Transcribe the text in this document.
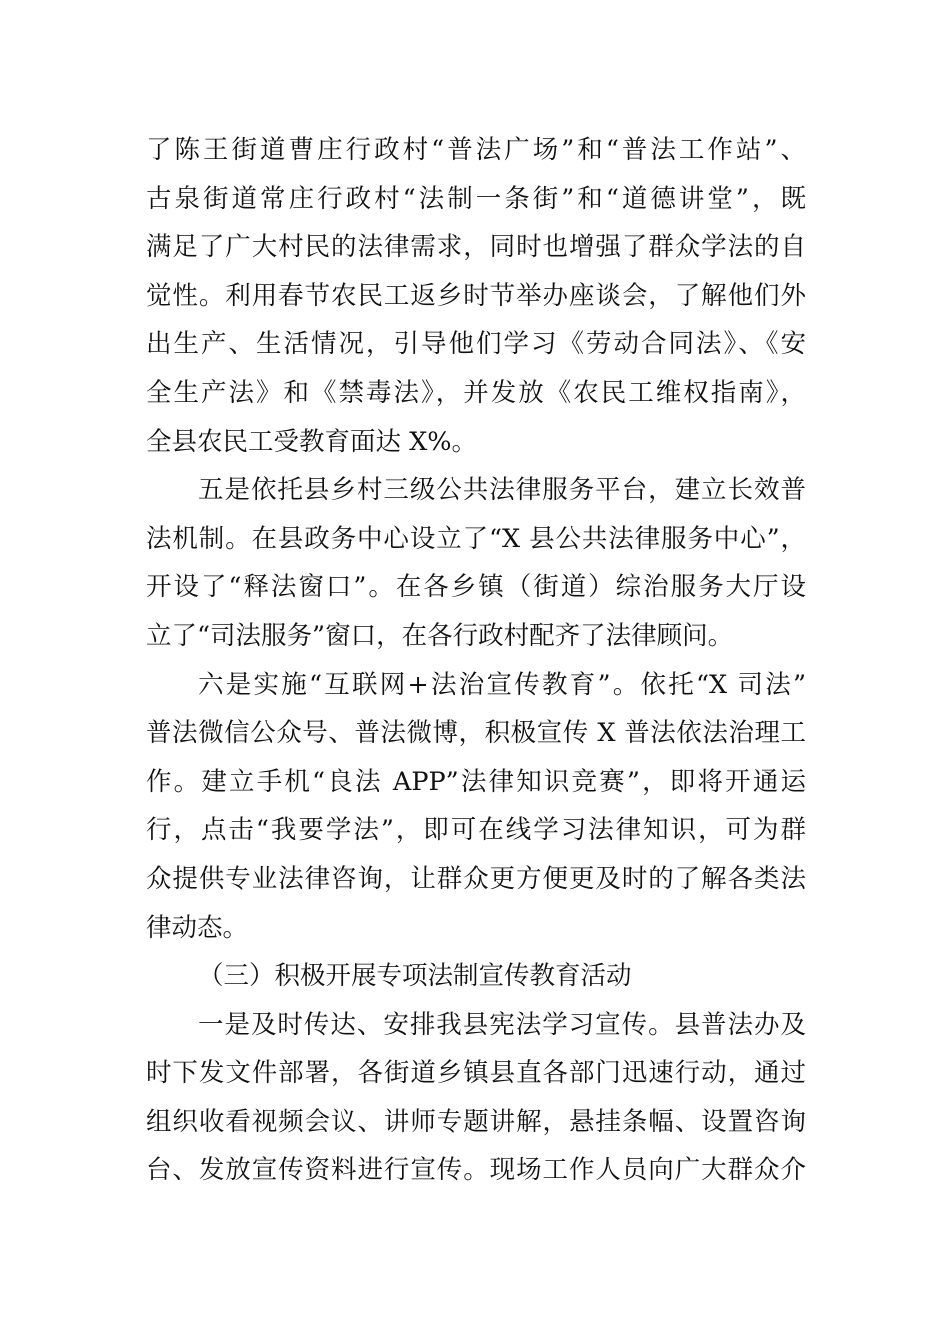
了陈王街道曹庄行政村“普法广场”和“普法工作站”、
古泉街道常庄行政村“法制一条街”和“道德讲堂”，既
满足了广大村民的法律需求，同时也增强了群众学法的自
觉性。利用春节农民工返乡时节举办座谈会，了解他们外
出生产、生活情况，引导他们学习《劳动合同法》、《安
全生产法》和《禁毒法》，并发放《农民工维权指南》，
全县农民工受教育面达 X%。
五是依托县乡村三级公共法律服务平台，建立长效普
法机制。在县政务中心设立了“X 县公共法律服务中心”，
开设了“释法窗口”。在各乡镇（街道）综治服务大厅设
立了“司法服务”窗口，在各行政村配齐了法律顾问。
六是实施“互联网+法治宣传教育”。依托“X 司法”
普法微信公众号、普法微博，积极宣传 X 普法依法治理工
作。建立手机“良法 APP”法律知识竞赛”，即将开通运
行，点击“我要学法”，即可在线学习法律知识，可为群
众提供专业法律咨询，让群众更方便更及时的了解各类法
律动态。
（三）积极开展专项法制宣传教育活动
一是及时传达、安排我县宪法学习宣传。县普法办及
时下发文件部署，各街道乡镇县直各部门迅速行动，通过
组织收看视频会议、讲师专题讲解，悬挂条幅、设置咨询
台、发放宣传资料进行宣传。现场工作人员向广大群众介
